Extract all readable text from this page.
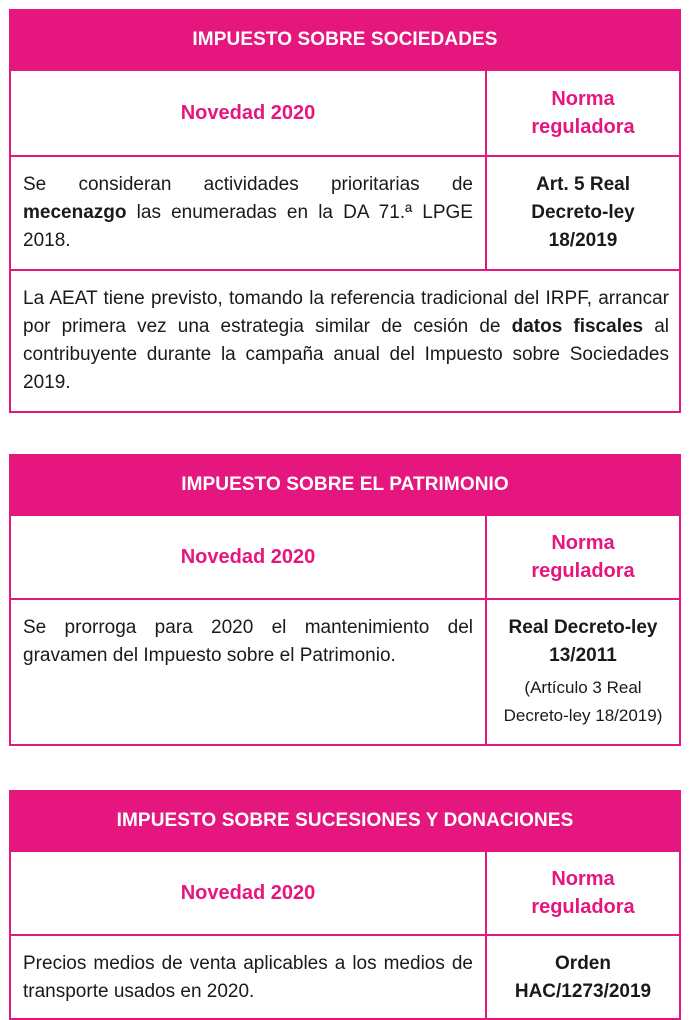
IMPUESTO SOBRE SOCIEDADES
Novedad 2020
Norma reguladora
Se consideran actividades prioritarias de mecenazgo las enumeradas en la DA 71.ª LPGE 2018.
Art. 5 Real Decreto-ley 18/2019
La AEAT tiene previsto, tomando la referencia tradicional del IRPF, arrancar por primera vez una estrategia similar de cesión de datos fiscales al contribuyente durante la campaña anual del Impuesto sobre Sociedades 2019.
IMPUESTO SOBRE EL PATRIMONIO
Novedad 2020
Norma reguladora
Se prorroga para 2020 el mantenimiento del gravamen del Impuesto sobre el Patrimonio.
Real Decreto-ley 13/2011
(Artículo 3 Real Decreto-ley 18/2019)
IMPUESTO SOBRE SUCESIONES Y DONACIONES
Novedad 2020
Norma reguladora
Precios medios de venta aplicables a los medios de transporte usados en 2020.
Orden HAC/1273/2019
